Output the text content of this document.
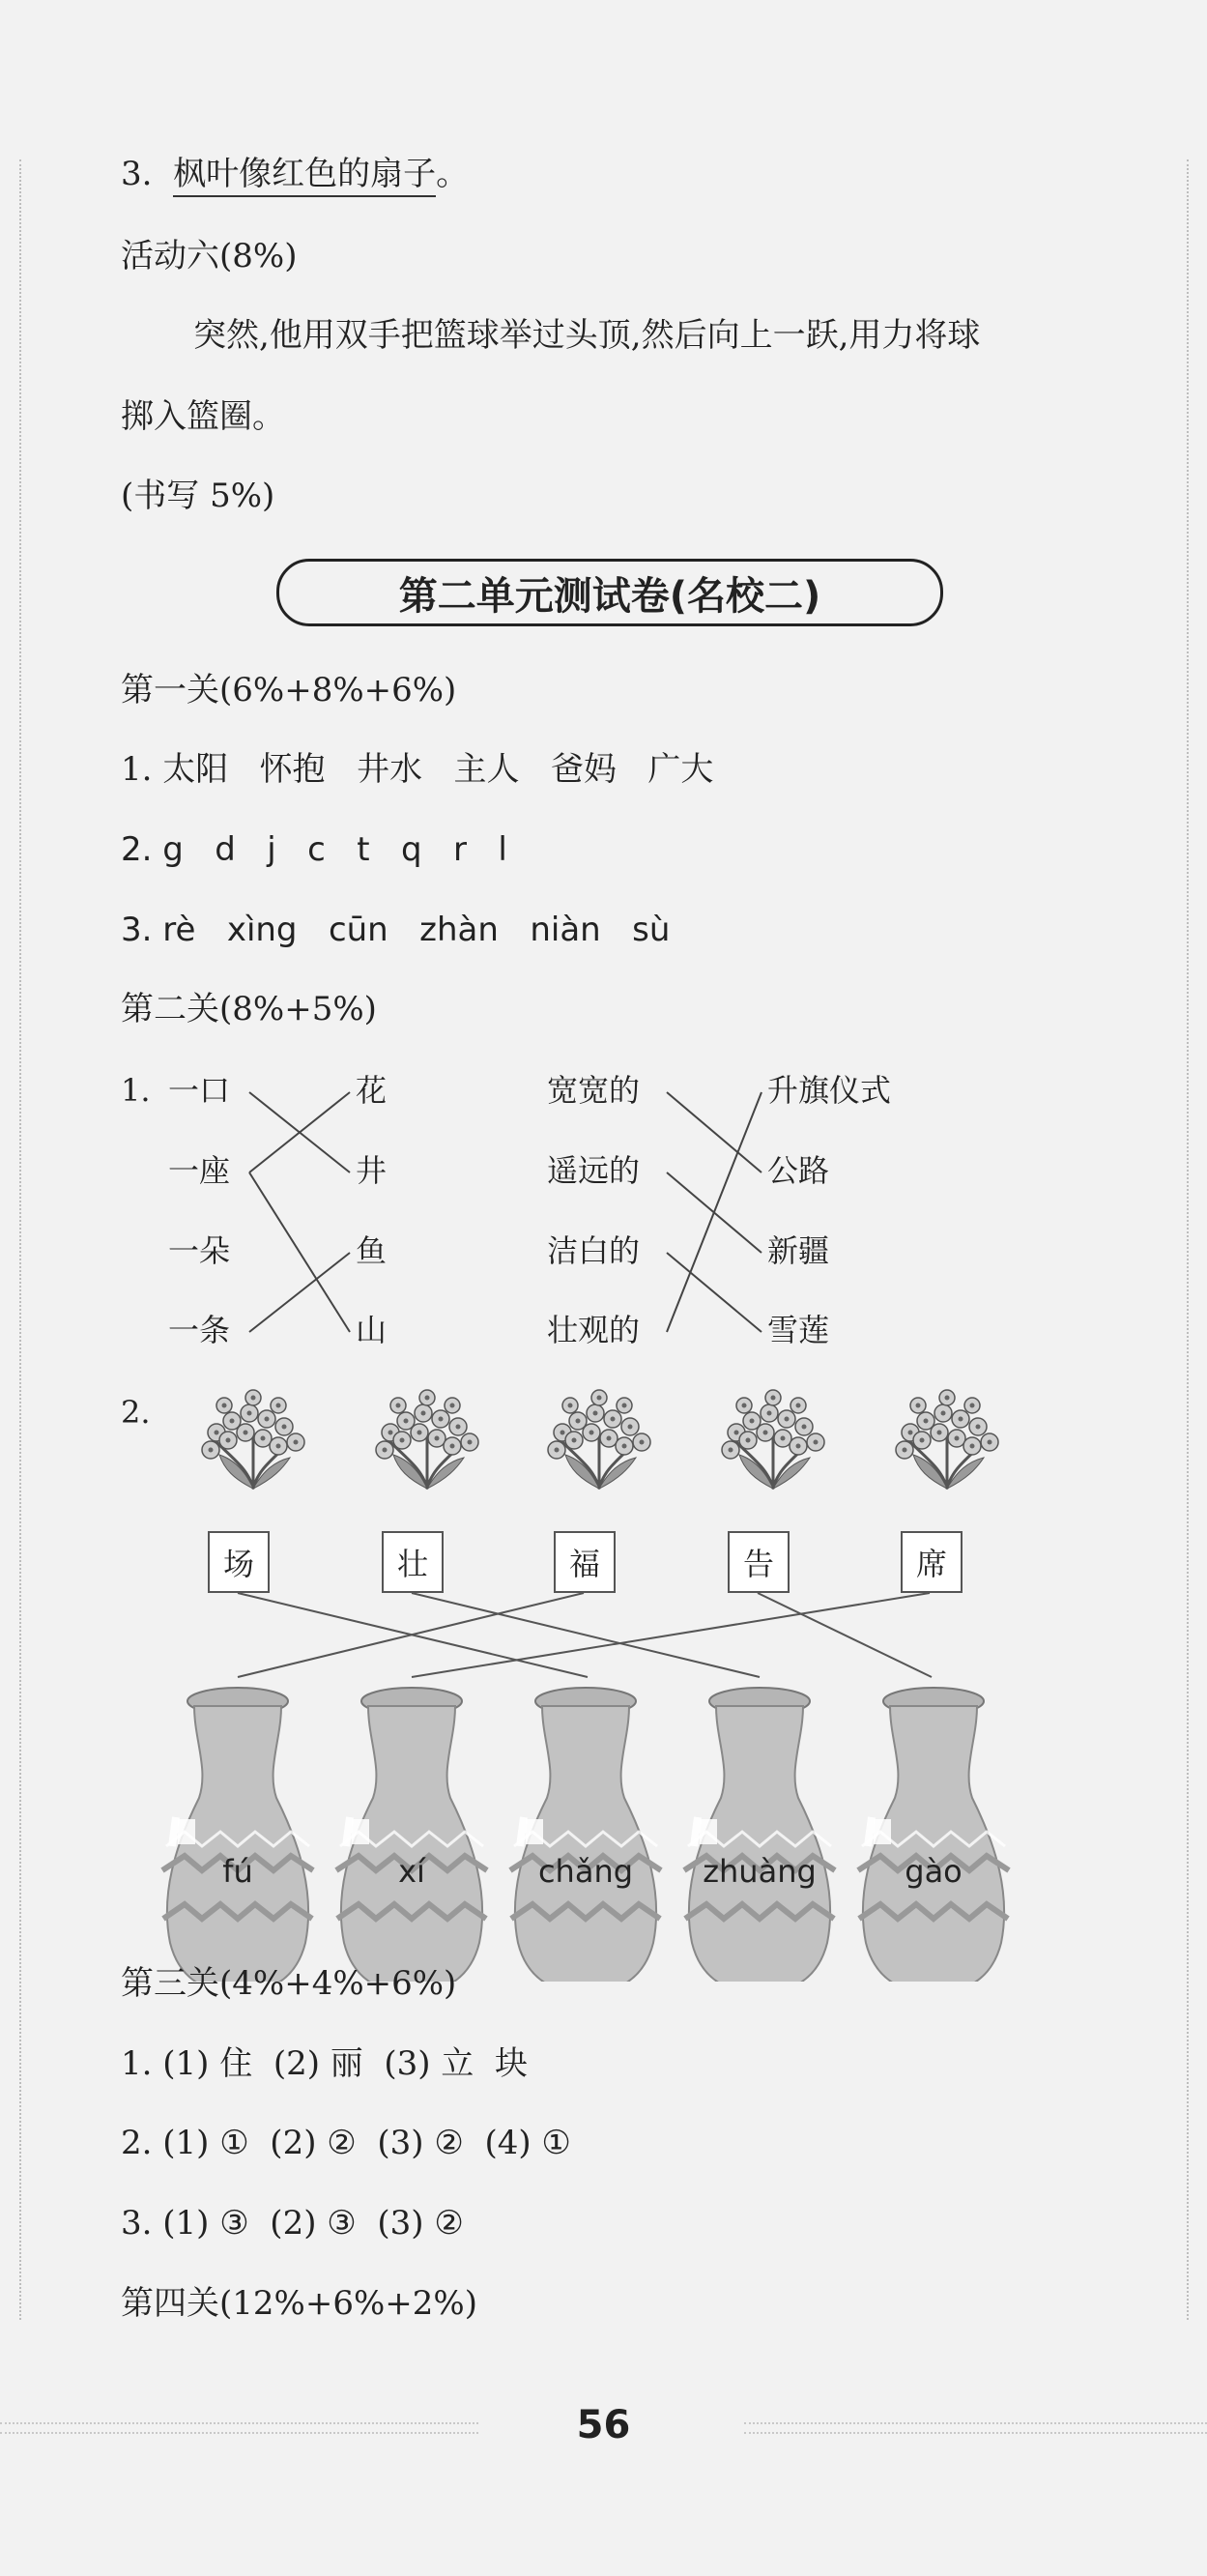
3. 枫叶像红色的扇子。
活动六(8%)
突然,他用双手把篮球举过头顶,然后向上一跃,用力将球
掷入篮圈。
(书写 5%)
第二单元测试卷(名校二)
第一关(6%+8%+6%)
1. 太阳   怀抱   井水   主人   爸妈   广大
2. g   d   j   c   t   q   r   l
3. rè   xìng   cūn   zhàn   niàn   sù
第二关(8%+5%)
1. 一口
一座
一朵
一条
花
井
鱼
山
宽宽的
遥远的
洁白的
壮观的
升旗仪式
公路
新疆
雪莲
2.
场	壮	福	告	席
fú	xí	chǎng	zhuàng	gào
第三关(4%+4%+6%)
1. (1) 住  (2) 丽  (3) 立  块
2. (1) ①  (2) ②  (3) ②  (4) ①
3. (1) ③  (2) ③  (3) ②
第四关(12%+6%+2%)
56
